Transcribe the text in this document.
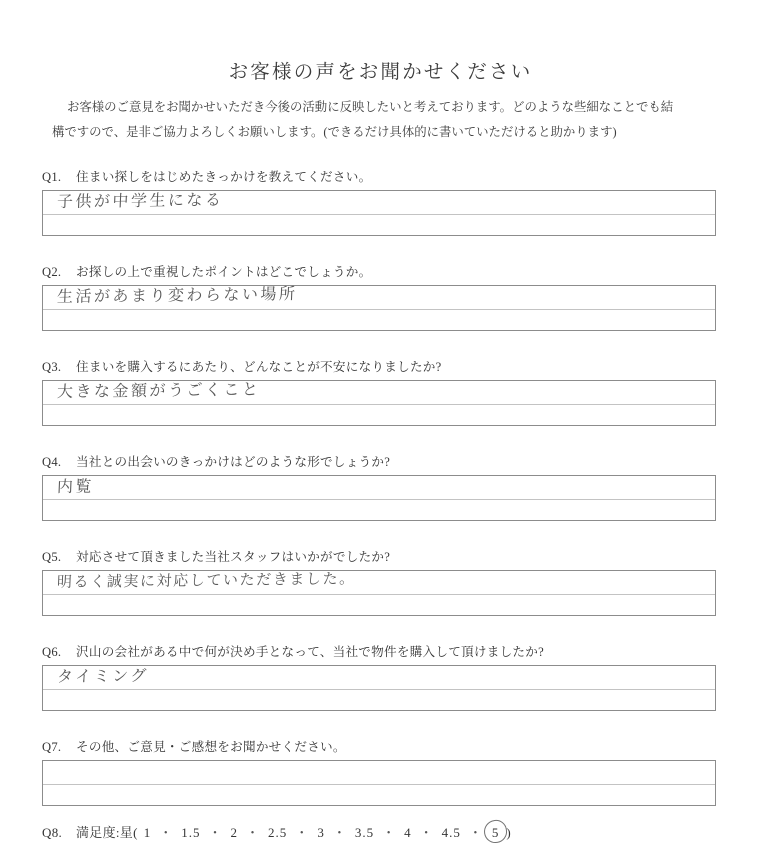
お客様の声をお聞かせください
お客様のご意見をお聞かせいただき今後の活動に反映したいと考えております。どのような些細なことでも結
構ですので、是非ご協力よろしくお願いします。(できるだけ具体的に書いていただけると助かります)
Q1. 住まい探しをはじめたきっかけを教えてください。
子供が中学生になる
Q2. お探しの上で重視したポイントはどこでしょうか。
生活があまり変わらない場所
Q3. 住まいを購入するにあたり、どんなことが不安になりましたか?
大きな金額がうごくこと
Q4. 当社との出会いのきっかけはどのような形でしょうか?
内覧
Q5. 対応させて頂きました当社スタッフはいかがでしたか?
明るく誠実に対応していただきました。
Q6. 沢山の会社がある中で何が決め手となって、当社で物件を購入して頂けましたか?
タイミング
Q7. その他、ご意見・ご感想をお聞かせください。
Q8. 満足度:星( 1 ・ 1.5 ・ 2 ・ 2.5 ・ 3 ・ 3.5 ・ 4 ・ 4.5 ・ 5 )
